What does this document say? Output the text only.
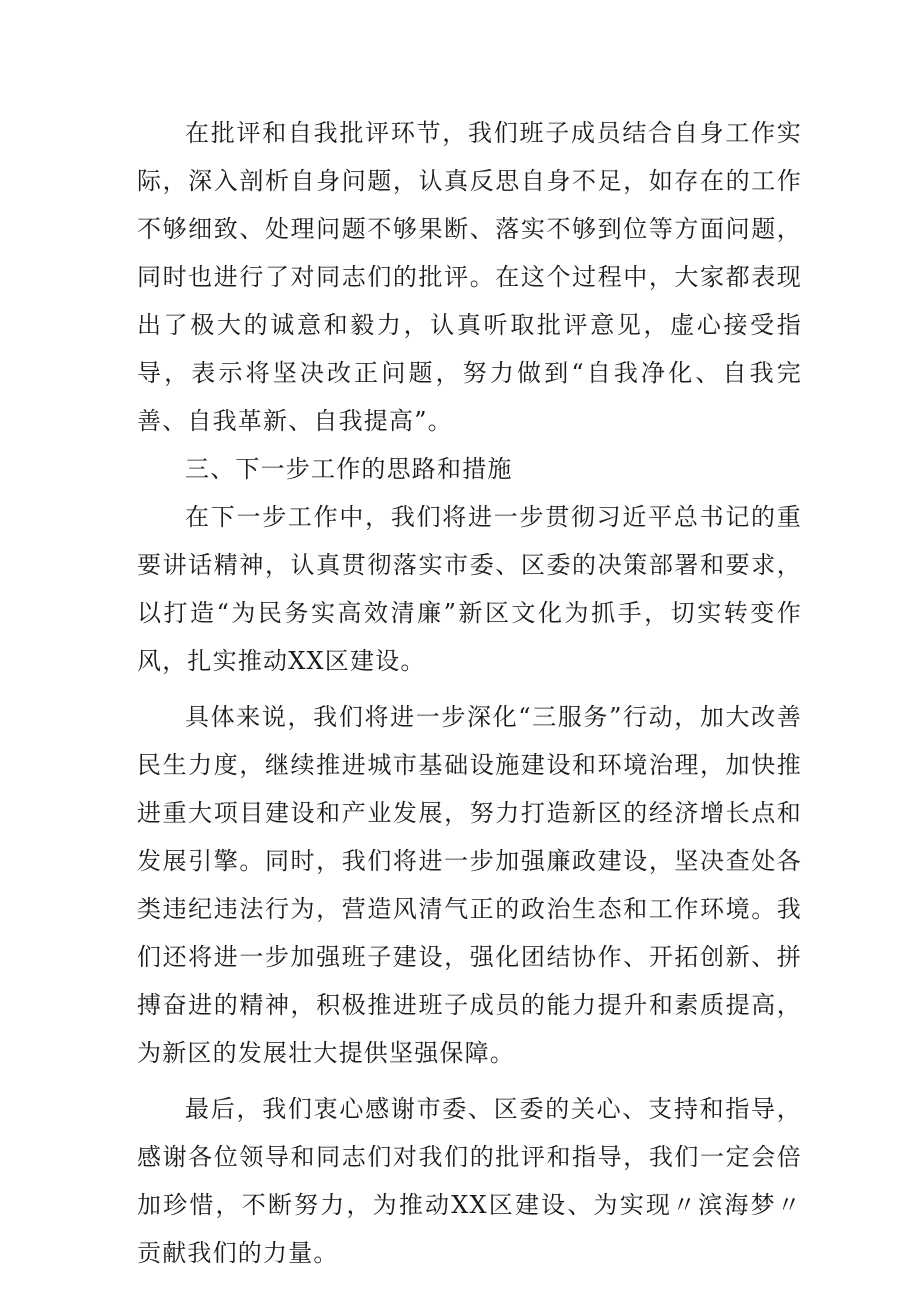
在批评和自我批评环节，我们班子成员结合自身工作实际，深入剖析自身问题，认真反思自身不足，如存在的工作不够细致、处理问题不够果断、落实不够到位等方面问题，同时也进行了对同志们的批评。在这个过程中，大家都表现出了极大的诚意和毅力，认真听取批评意见，虚心接受指导，表示将坚决改正问题，努力做到“自我净化、自我完善、自我革新、自我提高”。

三、下一步工作的思路和措施

在下一步工作中，我们将进一步贯彻习近平总书记的重要讲话精神，认真贯彻落实市委、区委的决策部署和要求，以打造“为民务实高效清廉”新区文化为抓手，切实转变作风，扎实推动XX区建设。

具体来说，我们将进一步深化“三服务”行动，加大改善民生力度，继续推进城市基础设施建设和环境治理，加快推进重大项目建设和产业发展，努力打造新区的经济增长点和发展引擎。同时，我们将进一步加强廉政建设，坚决查处各类违纪违法行为，营造风清气正的政治生态和工作环境。我们还将进一步加强班子建设，强化团结协作、开拓创新、拼搏奋进的精神，积极推进班子成员的能力提升和素质提高，为新区的发展壮大提供坚强保障。

最后，我们衷心感谢市委、区委的关心、支持和指导，感谢各位领导和同志们对我们的批评和指导，我们一定会倍加珍惜，不断努力，为推动XX区建设、为实现〃滨海梦〃贡献我们的力量。
